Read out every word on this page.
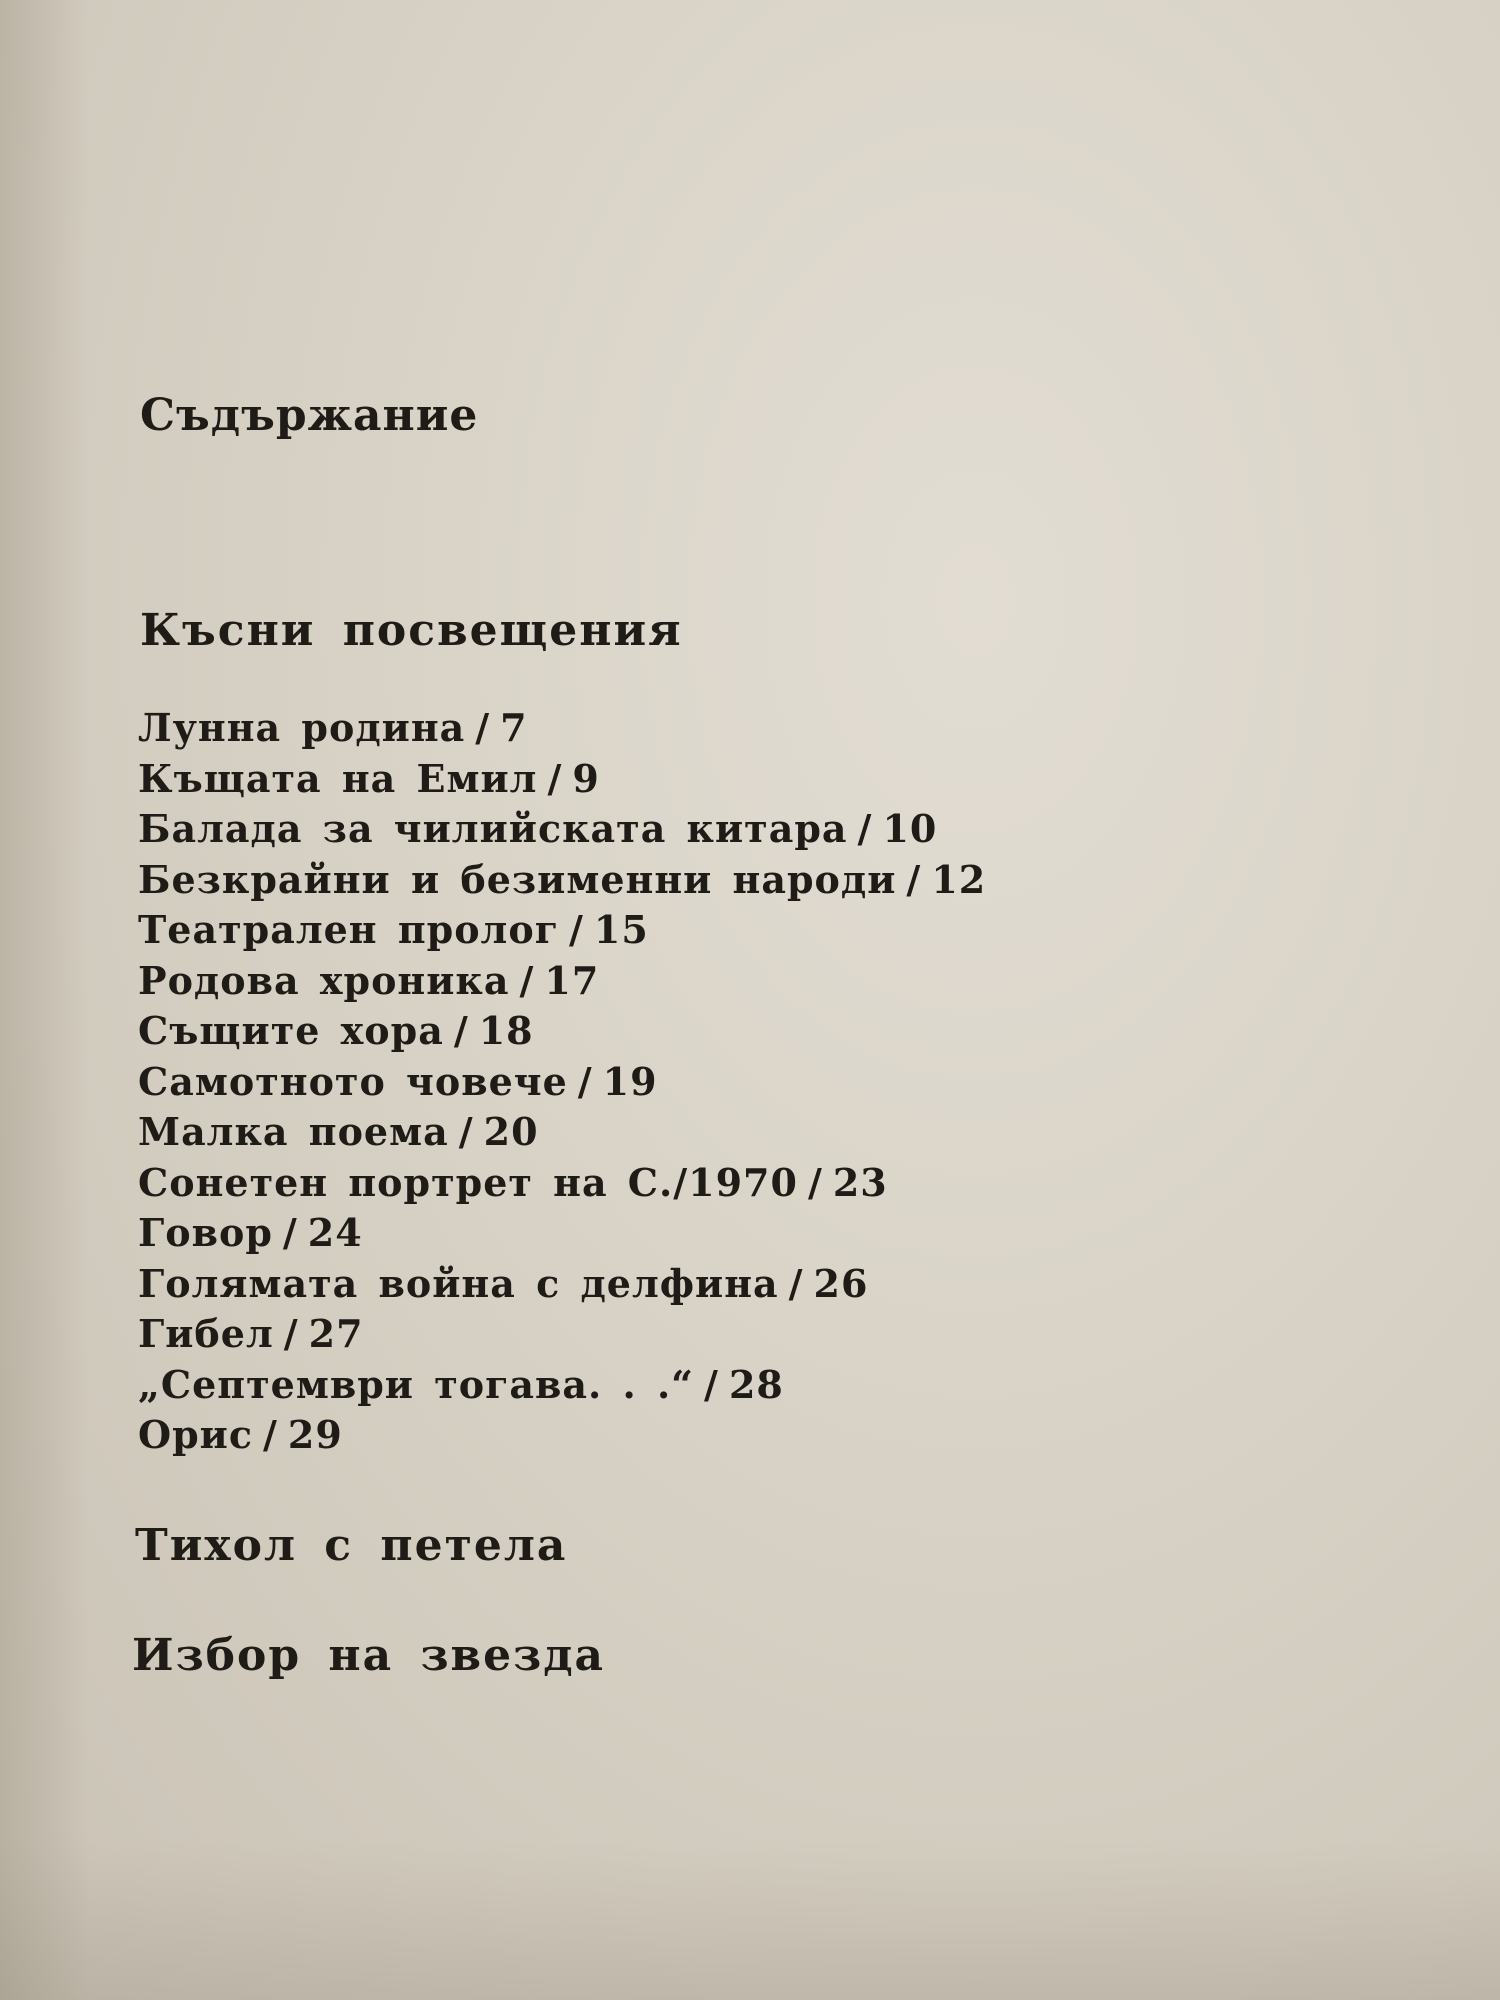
Съдържание
Късни посвещения
Лунна родина / 7
Къщата на Емил / 9
Балада за чилийската китара / 10
Безкрайни и безименни народи / 12
Театрален пролог / 15
Родова хроника / 17
Същите хора / 18
Самотното човече / 19
Малка поема / 20
Сонетен портрет на С./1970 / 23
Говор / 24
Голямата война с делфина / 26
Гибел / 27
„Септември тогава. . .“ / 28
Орис / 29
Тихол с петела
Избор на звезда
